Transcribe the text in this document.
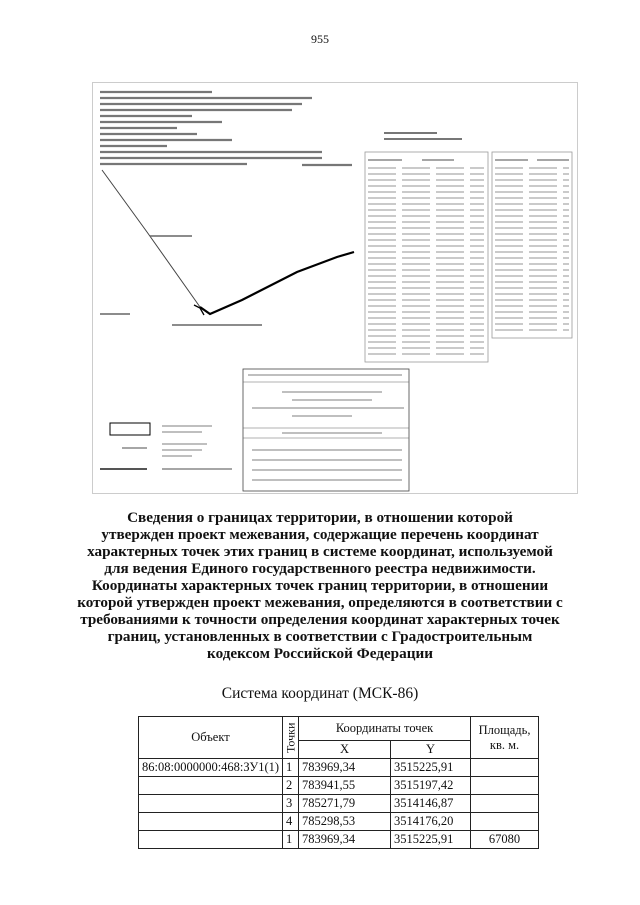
955

Сведения о границах территории, в отношении которой

утвержден проект межевания, содержащие перечень координат

характерных точек этих границ в системе координат, используемой

для ведения Единого государственного реестра недвижимости.

Координаты характерных точек границ территории, в отношении

которой утвержден проект межевания, определяются в соответствии с

требованиями к точности определения координат характерных точек

границ, установленных в соответствии с Градостроительным

кодексом Российской Федерации

Система координат (МСК-86)
Объект	Точки	Координаты точек		Площадь, кв. м.
		X	Y	
86:08:0000000:468:ЗУ1(1)	1	783969,34	3515225,91	
	2	783941,55	3515197,42	
	3	785271,79	3514146,87	
	4	785298,53	3514176,20	
	1	783969,34	3515225,91	67080
